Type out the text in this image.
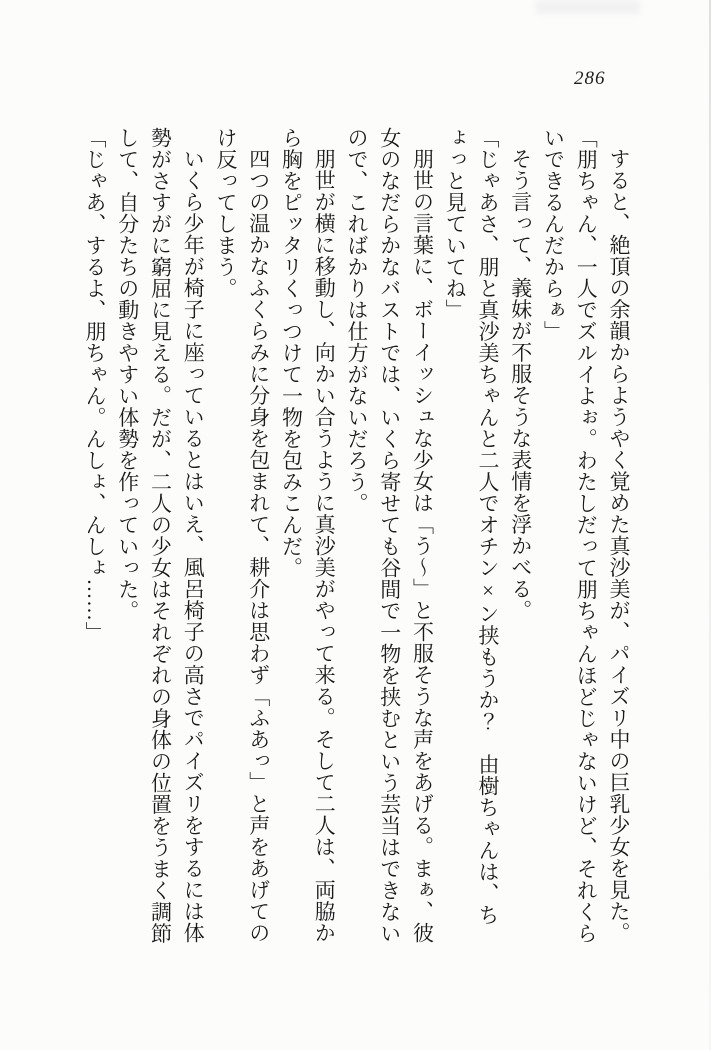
286

すると、絶頂の余韻からようやく覚めた真沙美が、パイズリ中の巨乳少女を見た。

「朋ちゃん、一人でズルイよぉ。わたしだって朋ちゃんほどじゃないけど、それくらいできるんだからぁ」

そう言って、義妹が不服そうな表情を浮かべる。

「じゃあさ、朋と真沙美ちゃんと二人でオチン×ン挟もうか？　由樹ちゃんは、ちょっと見ていてね」

朋世の言葉に、ボーイッシュな少女は「う～」と不服そうな声をあげる。まぁ、彼女のなだらかなバストでは、いくら寄せても谷間で一物を挟むという芸当はできないので、こればかりは仕方がないだろう。

朋世が横に移動し、向かい合うように真沙美がやって来る。そして二人は、両脇から胸をピッタリくっつけて一物を包みこんだ。

四つの温かなふくらみに分身を包まれて、耕介は思わず「ふあっ」と声をあげてのけ反ってしまう。

いくら少年が椅子に座っているとはいえ、風呂椅子の高さでパイズリをするには体勢がさすがに窮屈に見える。だが、二人の少女はそれぞれの身体の位置をうまく調節して、自分たちの動きやすい体勢を作っていった。

「じゃあ、するよ、朋ちゃん。んしょ、んしょ……」
